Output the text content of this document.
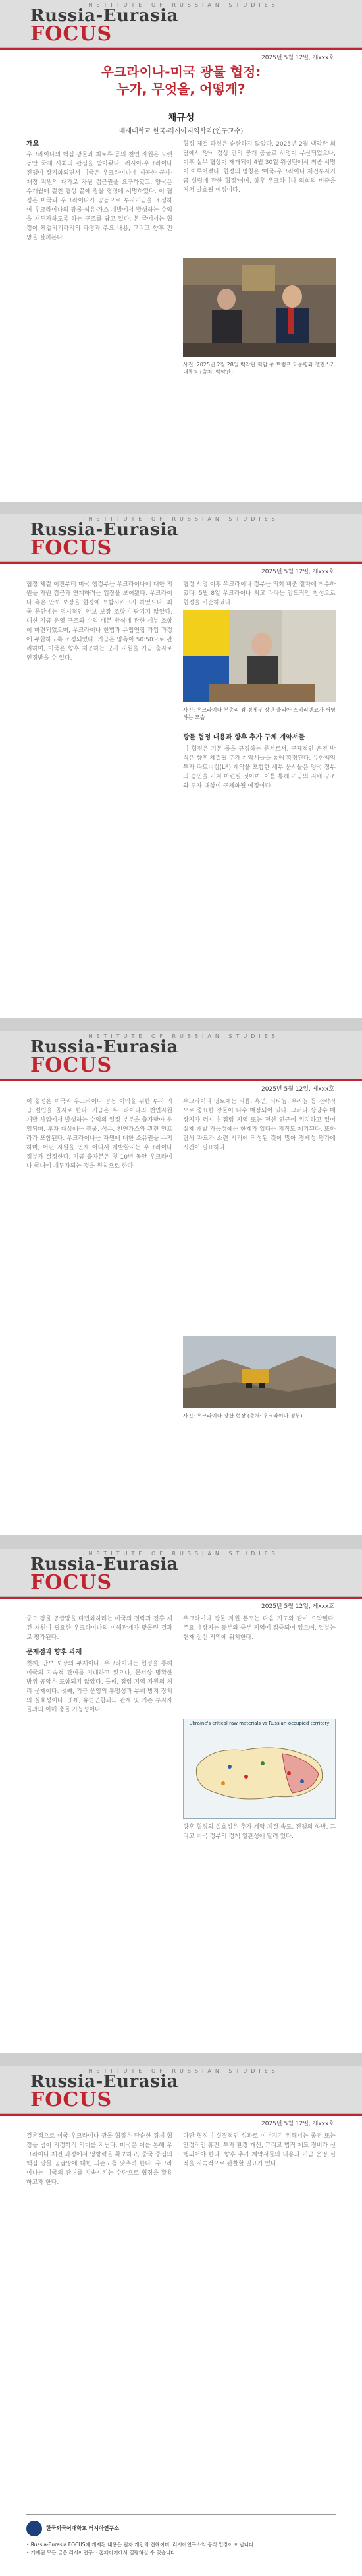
INSTITUTE OF RUSSIAN STUDIES
Russia-Eurasia
FOCUS
2025년 5월 12일, 제xxx호
우크라이나-미국 광물 협정:
누가, 무엇을, 어떻게?
채규성
배재대학교 한국-러시아지역학과(연구교수)
개요
우크라이나의 핵심 광물과 희토류 등의 천연 자원은 오랫동안 국제 사회의 관심을 받아왔다. 러시아-우크라이나 전쟁이 장기화되면서 미국은 우크라이나에 제공한 군사·재정 지원의 대가로 자원 접근권을 요구하였고, 양국은 수개월에 걸친 협상 끝에 광물 협정에 서명하였다. 이 협정은 미국과 우크라이나가 공동으로 투자기금을 조성하여 우크라이나의 광물·석유·가스 개발에서 발생하는 수익을 재투자하도록 하는 구조를 담고 있다. 본 글에서는 협정이 체결되기까지의 과정과 주요 내용, 그리고 향후 전망을 살펴본다.
협정 체결 과정은 순탄하지 않았다. 2025년 2월 백악관 회담에서 양국 정상 간의 공개 충돌로 서명이 무산되었으나, 이후 실무 협상이 재개되어 4월 30일 워싱턴에서 최종 서명이 이루어졌다. 협정의 명칭은 '미국-우크라이나 재건투자기금 설립에 관한 협정'이며, 향후 우크라이나 의회의 비준을 거쳐 발효될 예정이다.
사진: 2025년 2월 28일 백악관 회담 중 트럼프 대통령과 젤렌스키 대통령 (출처: 백악관)
INSTITUTE OF RUSSIAN STUDIES
Russia-Eurasia
FOCUS
2025년 5월 12일, 제xxx호
협정 체결 이전부터 미국 행정부는 우크라이나에 대한 지원을 자원 접근과 연계하려는 입장을 보여왔다. 우크라이나 측은 안보 보장을 협정에 포함시키고자 하였으나, 최종 문안에는 명시적인 안보 보장 조항이 담기지 않았다. 대신 기금 운영 구조와 수익 배분 방식에 관한 세부 조항이 마련되었으며, 우크라이나 헌법과 유럽연합 가입 과정에 부합하도록 조정되었다. 기금은 양측이 50:50으로 관리하며, 미국은 향후 제공하는 군사 지원을 기금 출자로 인정받을 수 있다.
협정 서명 이후 우크라이나 정부는 의회 비준 절차에 착수하였다. 5월 8일 우크라이나 최고 라다는 압도적인 찬성으로 협정을 비준하였다.
사진: 우크라이나 부총리 겸 경제부 장관 율리아 스비리덴코가 서명하는 모습
광물 협정 내용과 향후 추가 구체 계약서들
이 협정은 기본 틀을 규정하는 문서로서, 구체적인 운영 방식은 향후 체결될 추가 계약서들을 통해 확정된다. 유한책임 투자 파트너십(LP) 계약을 포함한 세부 문서들은 양국 정부의 승인을 거쳐 마련될 것이며, 이를 통해 기금의 지배 구조와 투자 대상이 구체화될 예정이다.
INSTITUTE OF RUSSIAN STUDIES
Russia-Eurasia
FOCUS
2025년 5월 12일, 제xxx호
이 협정은 미국과 우크라이나 공동 이익을 위한 투자 기금 설립을 골자로 한다. 기금은 우크라이나의 천연자원 개발 사업에서 발생하는 수익의 일정 부분을 출자받아 운영되며, 투자 대상에는 광물, 석유, 천연가스와 관련 인프라가 포함된다. 우크라이나는 자원에 대한 소유권을 유지하며, 어떤 자원을 언제 어디서 개발할지는 우크라이나 정부가 결정한다. 기금 출자분은 첫 10년 동안 우크라이나 국내에 재투자되는 것을 원칙으로 한다.
우크라이나 영토에는 리튬, 흑연, 티타늄, 우라늄 등 전략적으로 중요한 광물이 다수 매장되어 있다. 그러나 상당수 매장지가 러시아 점령 지역 또는 전선 인근에 위치하고 있어 실제 개발 가능성에는 한계가 있다는 지적도 제기된다. 또한 탐사 자료가 소련 시기에 작성된 것이 많아 경제성 평가에 시간이 필요하다.
사진: 우크라이나 광산 현장 (출처: 우크라이나 정부)
INSTITUTE OF RUSSIAN STUDIES
Russia-Eurasia
FOCUS
2025년 5월 12일, 제xxx호
중요 광물 공급망을 다변화하려는 미국의 전략과 전후 재건 재원이 필요한 우크라이나의 이해관계가 맞물린 결과로 평가된다.
문제점과 향후 과제
첫째, 안보 보장의 부재이다. 우크라이나는 협정을 통해 미국의 지속적 관여를 기대하고 있으나, 문서상 명확한 방위 공약은 포함되지 않았다. 둘째, 점령 지역 자원의 처리 문제이다. 셋째, 기금 운영의 투명성과 부패 방지 장치의 실효성이다. 넷째, 유럽연합과의 관계 및 기존 투자자들과의 이해 충돌 가능성이다.
우크라이나 광물 자원 분포는 다음 지도와 같이 요약된다. 주요 매장지는 동부와 중부 지역에 집중되어 있으며, 일부는 현재 전선 지역에 위치한다.
Ukraine's critical raw materials vs Russian-occupied territory
향후 협정의 실효성은 추가 계약 체결 속도, 전쟁의 향방, 그리고 미국 정부의 정책 일관성에 달려 있다.
INSTITUTE OF RUSSIAN STUDIES
Russia-Eurasia
FOCUS
2025년 5월 12일, 제xxx호
결론적으로 미국-우크라이나 광물 협정은 단순한 경제 협정을 넘어 지정학적 의미를 지닌다. 미국은 이를 통해 우크라이나 재건 과정에서 영향력을 확보하고, 중국 중심의 핵심 광물 공급망에 대한 의존도를 낮추려 한다. 우크라이나는 미국의 관여를 지속시키는 수단으로 협정을 활용하고자 한다.
다만 협정이 실질적인 성과로 이어지기 위해서는 종전 또는 안정적인 휴전, 투자 환경 개선, 그리고 법적 제도 정비가 선행되어야 한다. 향후 추가 계약서들의 내용과 기금 운영 실적을 지속적으로 관찰할 필요가 있다.
한국외국어대학교 러시아연구소
• Russia-Eurasia FOCUS에 게재된 내용은 필자 개인의 견해이며, 러시아연구소의 공식 입장이 아닙니다.
• 게재된 모든 글은 러시아연구소 홈페이지에서 열람하실 수 있습니다.
